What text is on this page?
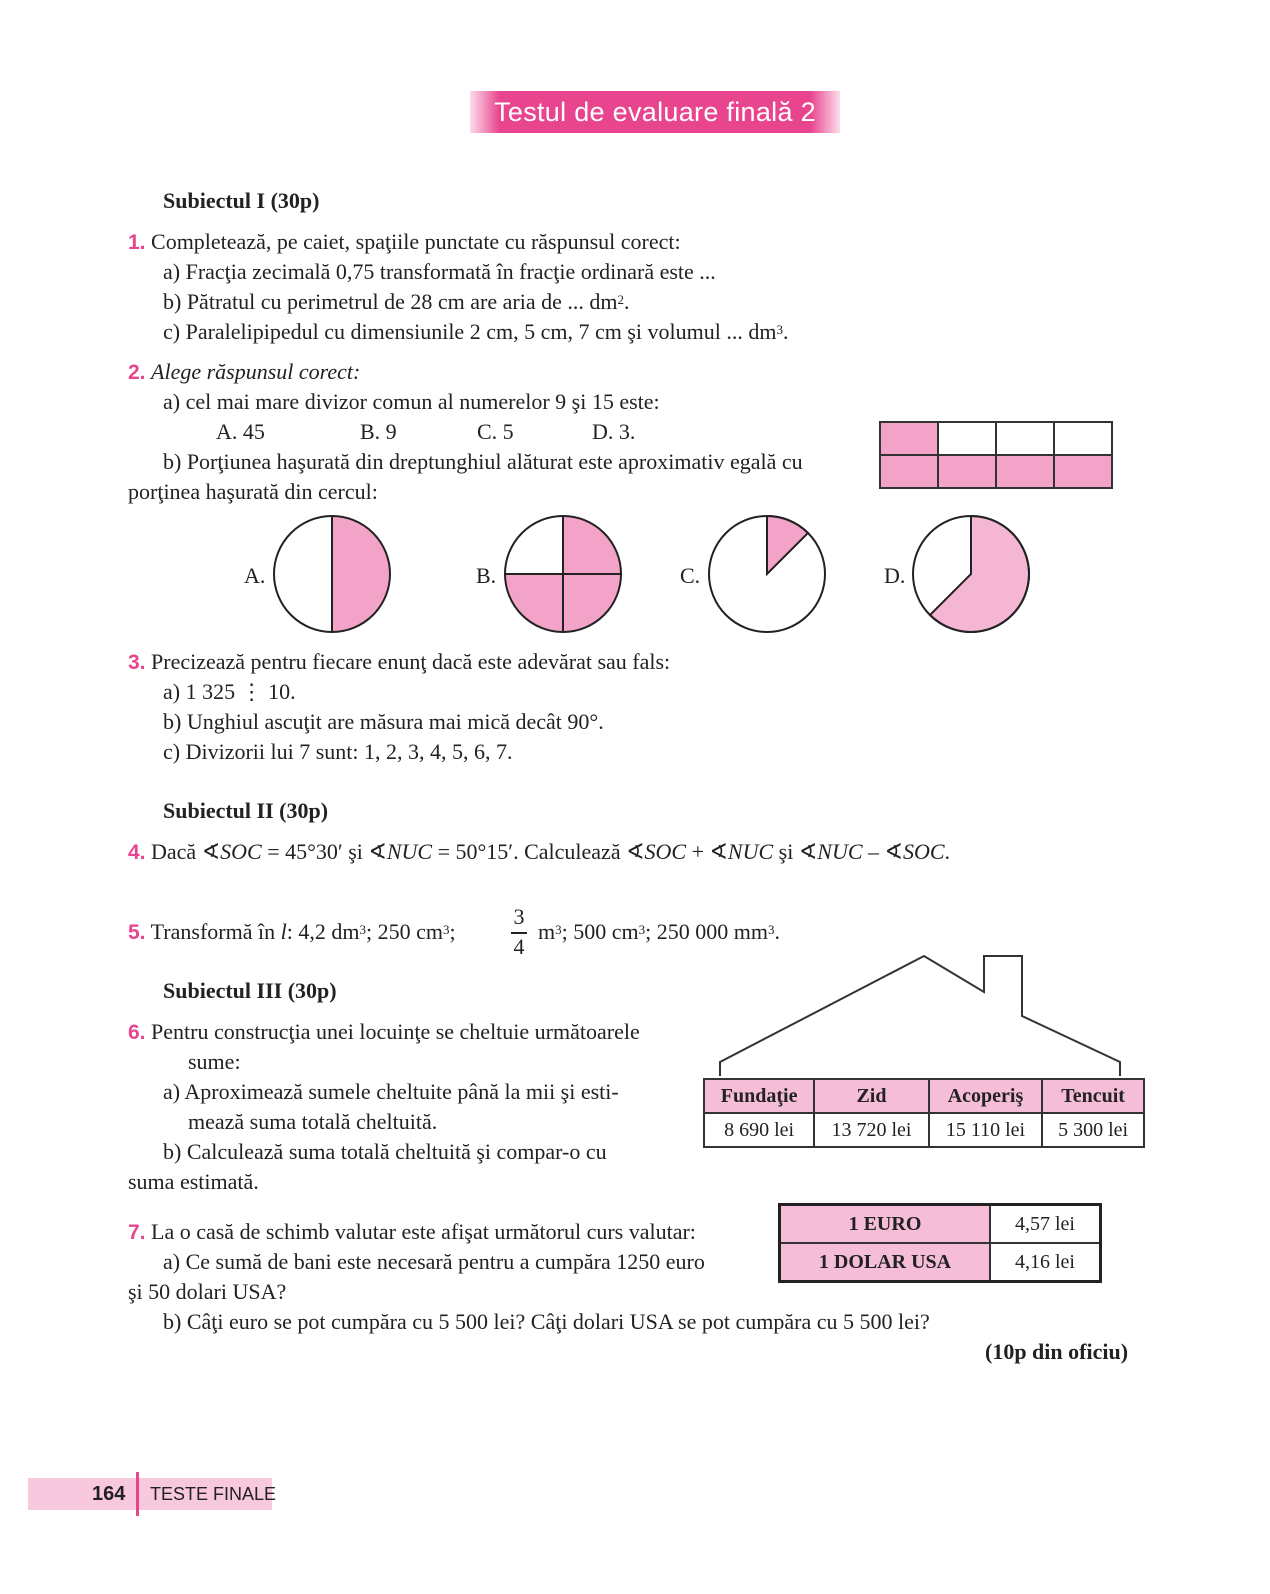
Testul de evaluare finală 2
Subiectul I (30p)
1. Completează, pe caiet, spaţiile punctate cu răspunsul corect:
a) Fracţia zecimală 0,75 transformată în fracţie ordinară este ...
b) Pătratul cu perimetrul de 28 cm are aria de ... $dm^2$.
c) Paralelipipedul cu dimensiunile 2 cm, 5 cm, 7 cm şi volumul ... $dm^3$.
2. Alege răspunsul corect:
a) cel mai mare divizor comun al numerelor 9 şi 15 este:
A. 45	B. 9	C. 5	D. 3.
b) Porţiunea haşurată din dreptunghiul alăturat este aproximativ egală cu
porţinea haşurată din cercul:
A.	B.	C.	D.
3. Precizează pentru fiecare enunţ dacă este adevărat sau fals:
a) 1 325 ⋮ 10.
b) Unghiul ascuţit are măsura mai mică decât 90°.
c) Divizorii lui 7 sunt: 1, 2, 3, 4, 5, 6, 7.
Subiectul II (30p)
4. Dacă ∢SOC = 45°30′ şi ∢NUC = 50°15′. Calculează ∢SOC + ∢NUC şi ∢NUC – ∢SOC.
5. Transformă în l: 4,2 $dm^3$; 250 $cm^3$;
3
4
$m^3$; 500 $cm^3$; 250 000 $mm^3$.
Subiectul III (30p)
6. Pentru construcţia unei locuinţe se cheltuie următoarele
sume:
a) Aproximează sumele cheltuite până la mii şi esti-
mează suma totală cheltuită.
b) Calculează suma totală cheltuită şi compar-o cu
suma estimată.
Fundaţie	Zid	Acoperiş	Tencuit
8 690 lei	13 720 lei	15 110 lei	5 300 lei
7. La o casă de schimb valutar este afişat următorul curs valutar:
a) Ce sumă de bani este necesară pentru a cumpăra 1250 euro
şi 50 dolari USA?
b) Câţi euro se pot cumpăra cu 5 500 lei? Câţi dolari USA se pot cumpăra cu 5 500 lei?
1 EURO	4,57 lei
1 DOLAR USA	4,16 lei
(10p din oficiu)
164	TESTE FINALE
